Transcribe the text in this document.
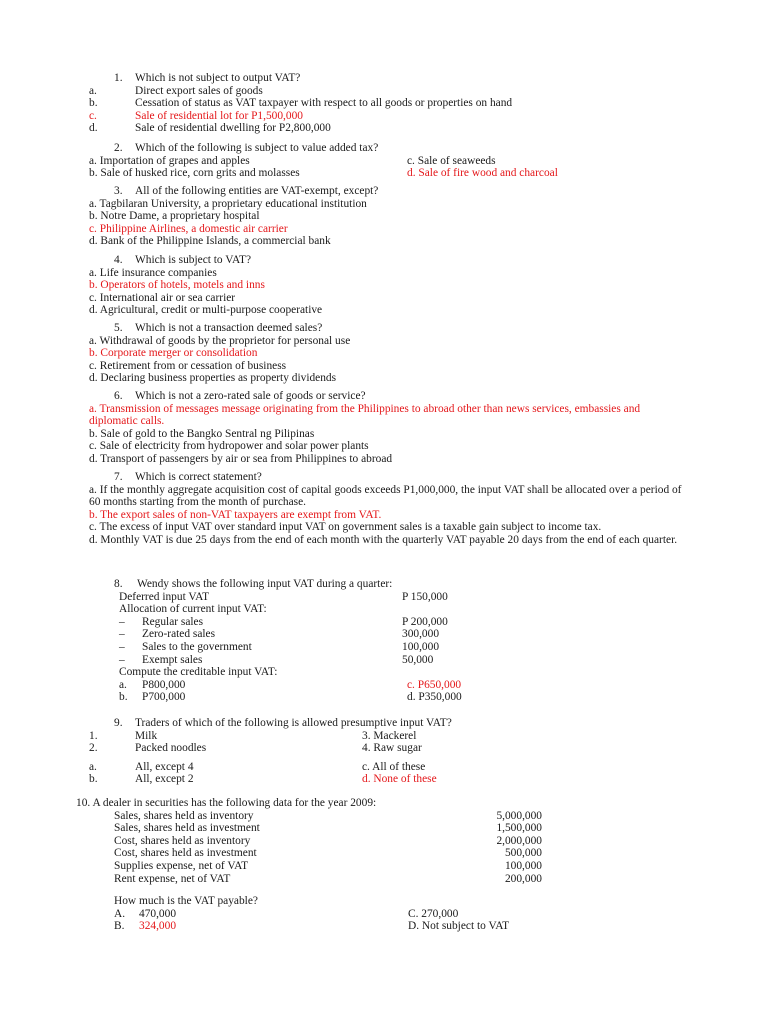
1. Which is not subject to output VAT?
a.	Direct export sales of goods
b.	Cessation of status as VAT taxpayer with respect to all goods or properties on hand
c.	Sale of residential lot for P1,500,000
d.	Sale of residential dwelling for P2,800,000
2. Which of the following is subject to value added tax?
a. Importation of grapes and apples	c. Sale of seaweeds
b. Sale of husked rice, corn grits and molasses	d. Sale of fire wood and charcoal
3. All of the following entities are VAT-exempt, except?
a. Tagbilaran University, a proprietary educational institution
b. Notre Dame, a proprietary hospital
c. Philippine Airlines, a domestic air carrier
d. Bank of the Philippine Islands, a commercial bank
4. Which is subject to VAT?
a. Life insurance companies
b. Operators of hotels, motels and inns
c. International air or sea carrier
d. Agricultural, credit or multi-purpose cooperative
5. Which is not a transaction deemed sales?
a. Withdrawal of goods by the proprietor for personal use
b. Corporate merger or consolidation
c. Retirement from or cessation of business
d. Declaring business properties as property dividends
6. Which is not a zero-rated sale of goods or service?
a. Transmission of messages message originating from the Philippines to abroad other than news services, embassies and diplomatic calls.
b. Sale of gold to the Bangko Sentral ng Pilipinas
c. Sale of electricity from hydropower and solar power plants
d. Transport of passengers by air or sea from Philippines to abroad
7. Which is correct statement?
a. If the monthly aggregate acquisition cost of capital goods exceeds P1,000,000, the input VAT shall be allocated over a period of 60 months starting from the month of purchase.
b. The export sales of non-VAT taxpayers are exempt from VAT.
c. The excess of input VAT over standard input VAT on government sales is a taxable gain subject to income tax.
d. Monthly VAT is due 25 days from the end of each month with the quarterly VAT payable 20 days from the end of each quarter.
8. Wendy shows the following input VAT during a quarter:
Deferred input VAT	P 150,000
Allocation of current input VAT:
– Regular sales	P 200,000
– Zero-rated sales	300,000
– Sales to the government	100,000
– Exempt sales	50,000
Compute the creditable input VAT:
a. P800,000	c. P650,000
b. P700,000	d. P350,000
9. Traders of which of the following is allowed presumptive input VAT?
1.	Milk	3. Mackerel
2.	Packed noodles	4. Raw sugar
a.	All, except 4	c. All of these
b.	All, except 2	d. None of these
10. A dealer in securities has the following data for the year 2009:
Sales, shares held as inventory	5,000,000
Sales, shares held as investment	1,500,000
Cost, shares held as inventory	2,000,000
Cost, shares held as investment	500,000
Supplies expense, net of VAT	100,000
Rent expense, net of VAT	200,000
How much is the VAT payable?
A. 470,000	C. 270,000
B. 324,000	D. Not subject to VAT
